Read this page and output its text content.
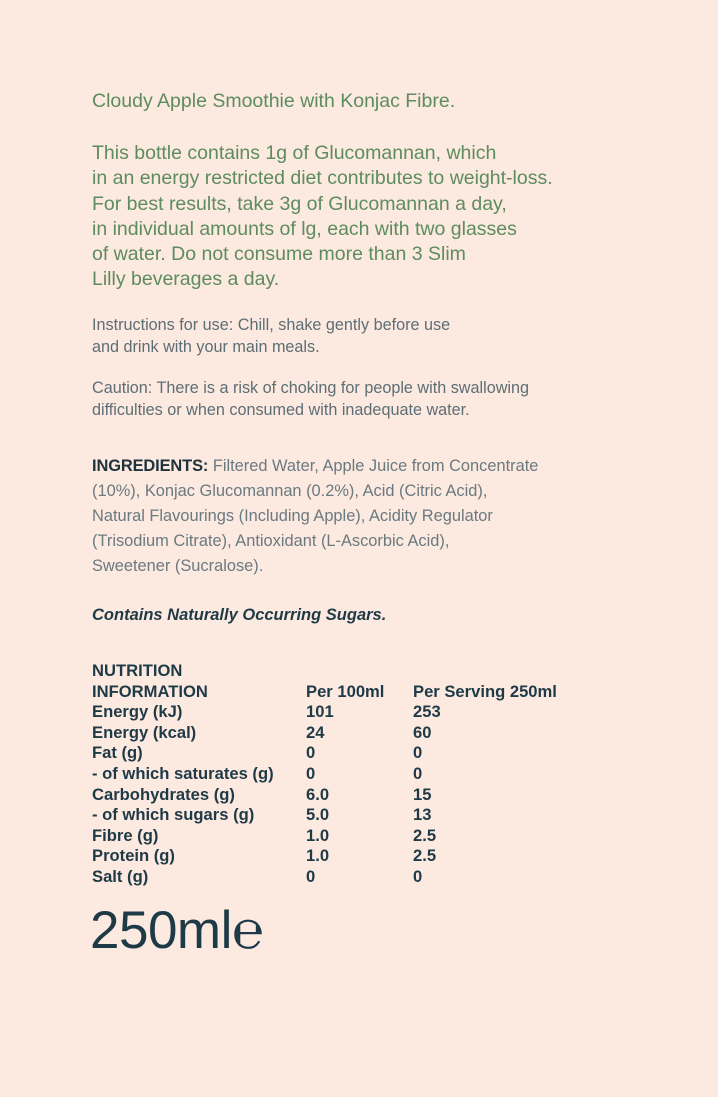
Cloudy Apple Smoothie with Konjac Fibre.
This bottle contains 1g of Glucomannan, which
in an energy restricted diet contributes to weight-loss.
For best results, take 3g of Glucomannan a day,
in individual amounts of lg, each with two glasses
of water. Do not consume more than 3 Slim
Lilly beverages a day.
Instructions for use: Chill, shake gently before use
and drink with your main meals.
Caution: There is a risk of choking for people with swallowing
difficulties or when consumed with inadequate water.
INGREDIENTS: Filtered Water, Apple Juice from Concentrate
(10%), Konjac Glucomannan (0.2%), Acid (Citric Acid),
Natural Flavourings (Including Apple), Acidity Regulator
(Trisodium Citrate), Antioxidant (L-Ascorbic Acid),
Sweetener (Sucralose).
Contains Naturally Occurring Sugars.
NUTRITION
INFORMATION	Per 100ml Per Serving 250ml
Energy (kJ)	101	253
Energy (kcal)	24	60
Fat (g)	0	0
- of which saturates (g) 0	0
Carbohydrates (g)	6.0	15
- of which sugars (g)	5.0	13
Fibre (g)	1.0	2.5
Protein (g)	1.0	2.5
Salt (g)	0	0
250ml℮
